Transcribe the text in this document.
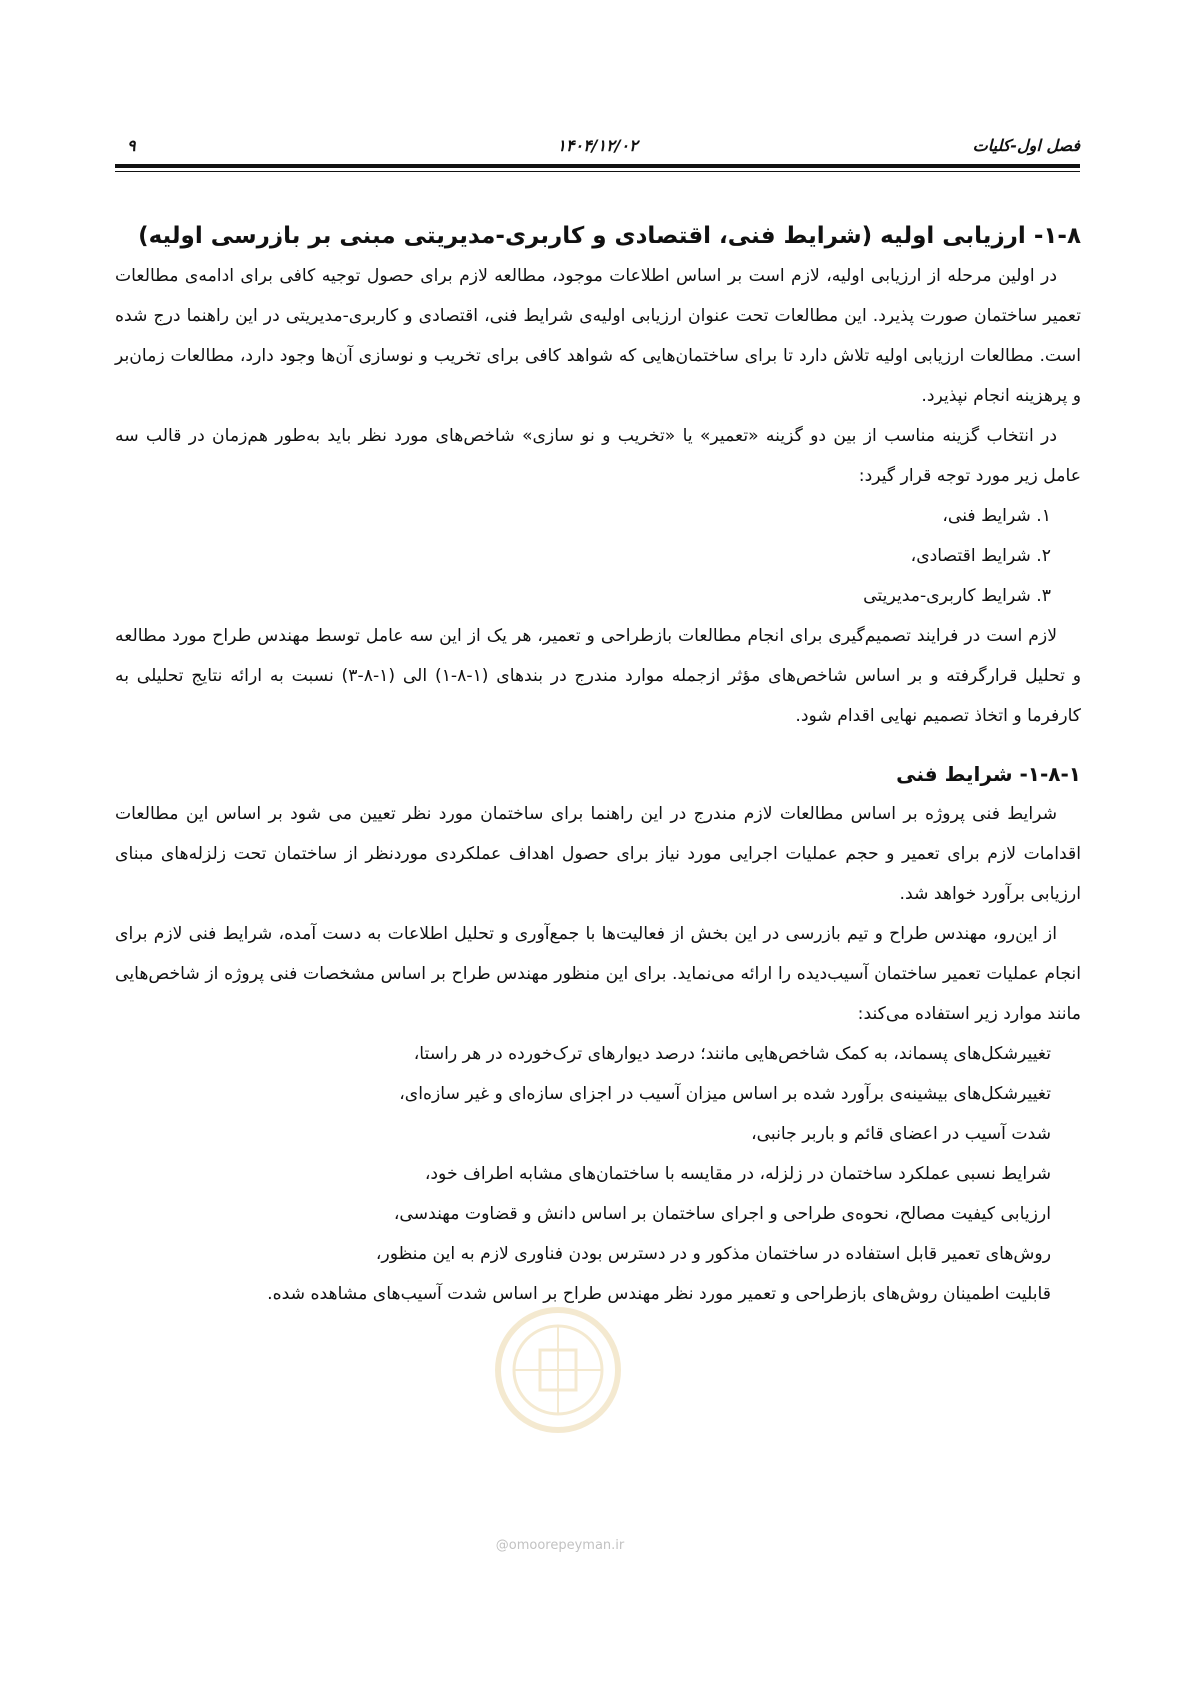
فصل اول-کلیات
۱۴۰۴/۱۲/۰۲
۹
۱-۸- ارزیابی اولیه (شرایط فنی، اقتصادی و کاربری-مدیریتی مبنی بر بازرسی اولیه)

در اولین مرحله از ارزیابی اولیه، لازم است بر اساس اطلاعات موجود، مطالعه لازم برای حصول توجیه کافی برای ادامه‌ی مطالعات تعمیر ساختمان صورت پذیرد. این مطالعات تحت عنوان ارزیابی اولیه‌ی شرایط فنی، اقتصادی و کاربری-مدیریتی در این راهنما درج شده است. مطالعات ارزیابی اولیه تلاش دارد تا برای ساختمان‌هایی که شواهد کافی برای تخریب و نوسازی آن‌ها وجود دارد، مطالعات زمان‌بر و پرهزینه انجام نپذیرد.

در انتخاب گزینه مناسب از بین دو گزینه «تعمیر» یا «تخریب و نو سازی» شاخص‌های مورد نظر باید به‌طور هم‌زمان در قالب سه عامل زیر مورد توجه قرار گیرد:

۱. شرایط فنی،
۲. شرایط اقتصادی،
۳. شرایط کاربری-مدیریتی

لازم است در فرایند تصمیم‌گیری برای انجام مطالعات بازطراحی و تعمیر، هر یک از این سه عامل توسط مهندس طراح مورد مطالعه و تحلیل قرارگرفته و بر اساس شاخص‌های مؤثر ازجمله موارد مندرج در بندهای (۱-۸-۱) الی (۱-۸-۳) نسبت به ارائه نتایج تحلیلی به کارفرما و اتخاذ تصمیم نهایی اقدام شود.

۱-۸-۱- شرایط فنی

شرایط فنی پروژه بر اساس مطالعات لازم مندرج در این راهنما برای ساختمان مورد نظر تعیین می شود بر اساس این مطالعات اقدامات لازم برای تعمیر و حجم عملیات اجرایی مورد نیاز برای حصول اهداف عملکردی موردنظر از ساختمان تحت زلزله‌های مبنای ارزیابی برآورد خواهد شد.

از این‌رو، مهندس طراح و تیم بازرسی در این بخش از فعالیت‌ها با جمع‌آوری و تحلیل اطلاعات به دست آمده، شرایط فنی لازم برای انجام عملیات تعمیر ساختمان آسیب‌دیده را ارائه می‌نماید. برای این منظور مهندس طراح بر اساس مشخصات فنی پروژه از شاخص‌هایی مانند موارد زیر استفاده می‌کند:

تغییرشکل‌های پسماند، به کمک شاخص‌هایی مانند؛ درصد دیوارهای ترک‌خورده در هر راستا،
تغییرشکل‌های بیشینه‌ی برآورد شده بر اساس میزان آسیب در اجزای سازه‌ای و غیر سازه‌ای،
شدت آسیب در اعضای قائم و باربر جانبی،
شرایط نسبی عملکرد ساختمان در زلزله، در مقایسه با ساختمان‌های مشابه اطراف خود،
ارزیابی کیفیت مصالح، نحوه‌ی طراحی و اجرای ساختمان بر اساس دانش و قضاوت مهندسی،
روش‌های تعمیر قابل استفاده در ساختمان مذکور و در دسترس بودن فناوری لازم به این منظور،
قابلیت اطمینان روش‌های بازطراحی و تعمیر مورد نظر مهندس طراح بر اساس شدت آسیب‌های مشاهده شده.
@omoorepeyman.ir
